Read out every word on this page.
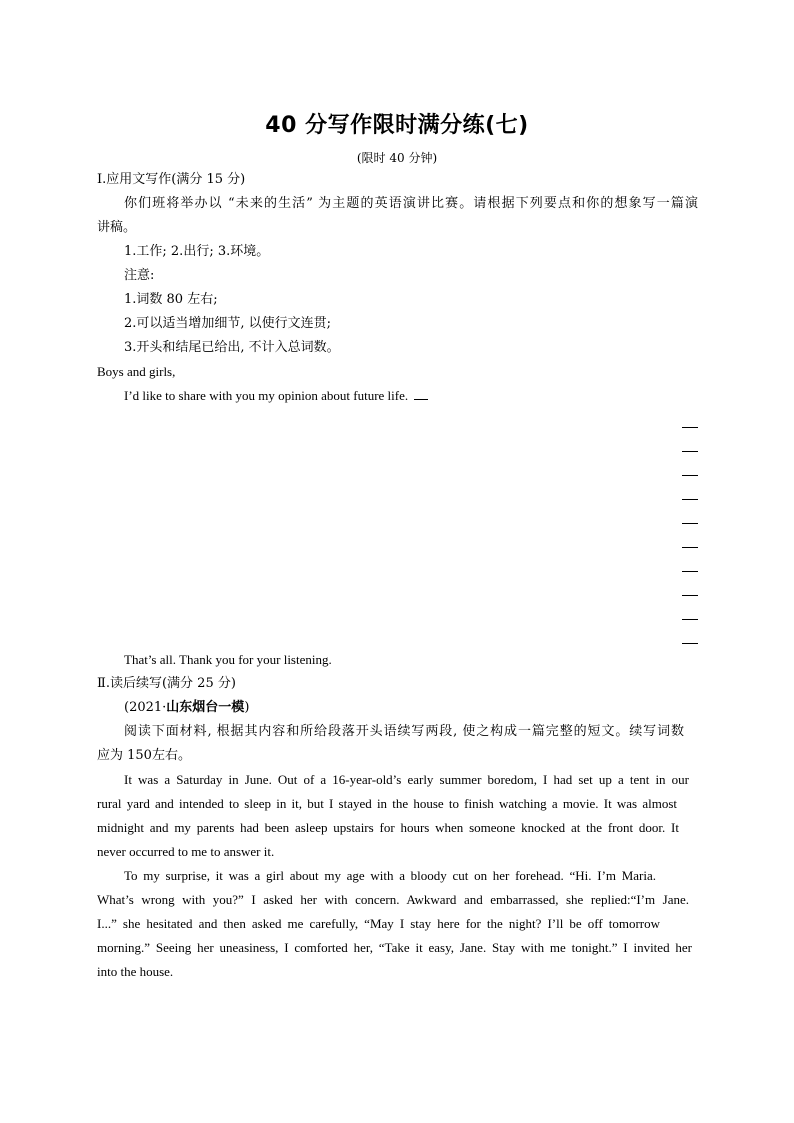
40 分写作限时满分练(七)
(限时 40 分钟)
Ⅰ.应用文写作(满分 15 分)
你们班将举办以 “未来的生活” 为主题的英语演讲比赛。请根据下列要点和你的想象写一篇演
讲稿。
1.工作; 2.出行; 3.环境。
注意:
1.词数 80 左右;
2.可以适当增加细节, 以使行文连贯;
3.开头和结尾已给出, 不计入总词数。
Boys and girls,
I’d like to share with you my opinion about future life.
That’s all. Thank you for your listening.
Ⅱ.读后续写(满分 25 分)
(2021·山东烟台一模)
阅读下面材料, 根据其内容和所给段落开头语续写两段, 使之构成一篇完整的短文。续写词数
应为 150左右。
It was a Saturday in June. Out of a 16-year-old’s early summer boredom, I had set up a tent in our
rural yard and intended to sleep in it, but I stayed in the house to finish watching a movie. It was almost
midnight and my parents had been asleep upstairs for hours when someone knocked at the front door. It
never occurred to me to answer it.
To my surprise, it was a girl about my age with a bloody cut on her forehead. “Hi. I’m Maria.
What’s wrong with you?” I asked her with concern. Awkward and embarrassed, she replied:“I’m Jane.
I...” she hesitated and then asked me carefully, “May I stay here for the night? I’ll be off tomorrow
morning.” Seeing her uneasiness, I comforted her, “Take it easy, Jane. Stay with me tonight.” I invited her
into the house.
